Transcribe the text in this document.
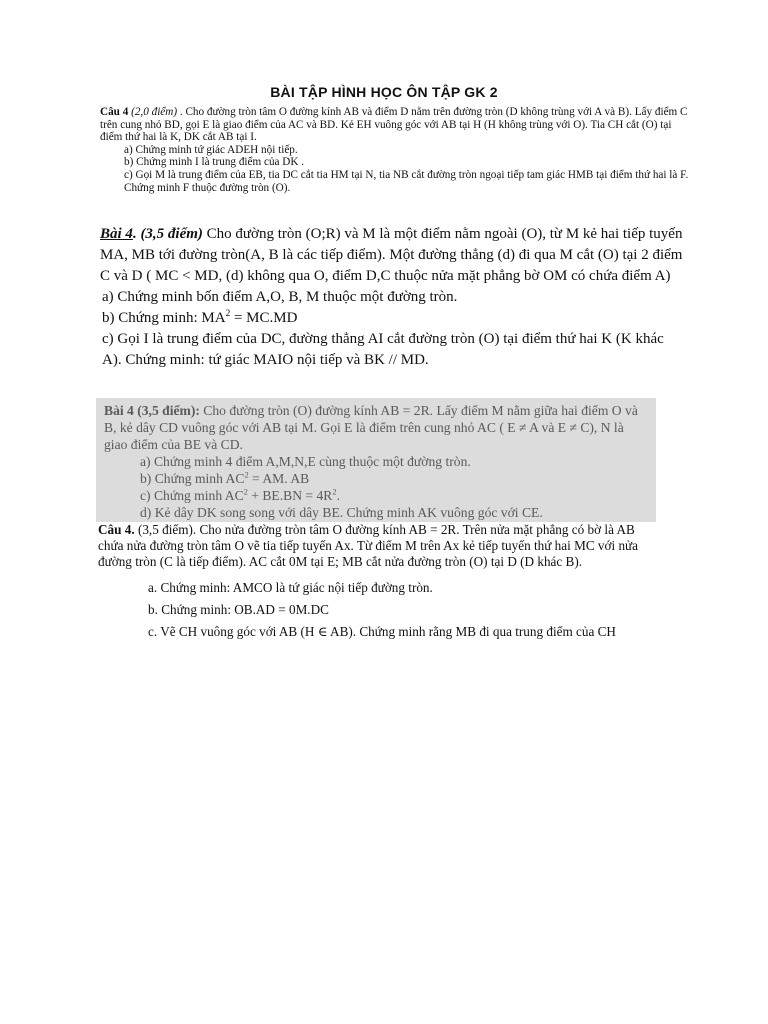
BÀI TẬP HÌNH HỌC ÔN TẬP GK 2

Câu 4 (2,0 điểm) . Cho đường tròn tâm O đường kính AB và điểm D nằm trên đường tròn (D không trùng với A và B). Lấy điểm C trên cung nhỏ BD, gọi E là giao điểm của AC và BD. Kẻ EH vuông góc với AB tại H (H không trùng với O). Tia CH cắt (O) tại điểm thứ hai là K, DK cắt AB tại I.

a) Chứng minh tứ giác ADEH nội tiếp.

b) Chứng minh I là trung điểm của DK .

c) Gọi M là trung điểm của EB, tia DC cắt tia HM tại N, tia NB cắt đường tròn ngoại tiếp tam giác HMB tại điểm thứ hai là F. Chứng minh F thuộc đường tròn (O).

Bài 4. (3,5 điểm) Cho đường tròn (O;R) và M là một điểm nằm ngoài (O), từ M kẻ hai tiếp tuyến MA, MB tới đường tròn(A, B là các tiếp điểm). Một đường thẳng (d) đi qua M cắt (O) tại 2 điểm C và D ( MC < MD, (d) không qua O, điểm D,C thuộc nửa mặt phẳng bờ OM có chứa điểm A)

a) Chứng minh bốn điểm A,O, B, M thuộc một đường tròn.

b) Chứng minh: $MA^2 = MC.MD$

c) Gọi I là trung điểm của DC, đường thẳng AI cắt đường tròn (O) tại điểm thứ hai K (K khác A). Chứng minh: tứ giác MAIO nội tiếp và BK // MD.

Bài 4 (3,5 điểm): Cho đường tròn (O) đường kính AB = 2R. Lấy điểm M nằm giữa hai điểm O và B, kẻ dây CD vuông góc với AB tại M. Gọi E là điểm trên cung nhỏ AC ( E ≠ A và E ≠ C), N là giao điểm của BE và CD.

a) Chứng minh 4 điểm A,M,N,E cùng thuộc một đường tròn.

b) Chứng minh $AC^2$ = AM. AB

c) Chứng minh $AC^2 + BE.BN = 4R^2$.

d) Kẻ dây DK song song với dây BE. Chứng minh AK vuông góc với CE.

Câu 4. (3,5 điểm). Cho nửa đường tròn tâm O đường kính AB = 2R. Trên nửa mặt phẳng có bờ là AB chứa nửa đường tròn tâm O vẽ tia tiếp tuyến Ax. Từ điểm M trên Ax kẻ tiếp tuyến thứ hai MC với nửa đường tròn (C là tiếp điểm). AC cắt 0M tại E; MB cắt nửa đường tròn (O) tại D (D khác B).

a. Chứng minh: AMCO là tứ giác nội tiếp đường tròn.

b. Chứng minh: OB.AD = 0M.DC

c. Vẽ CH vuông góc với AB (H ∈ AB). Chứng minh rằng MB đi qua trung điểm của CH
